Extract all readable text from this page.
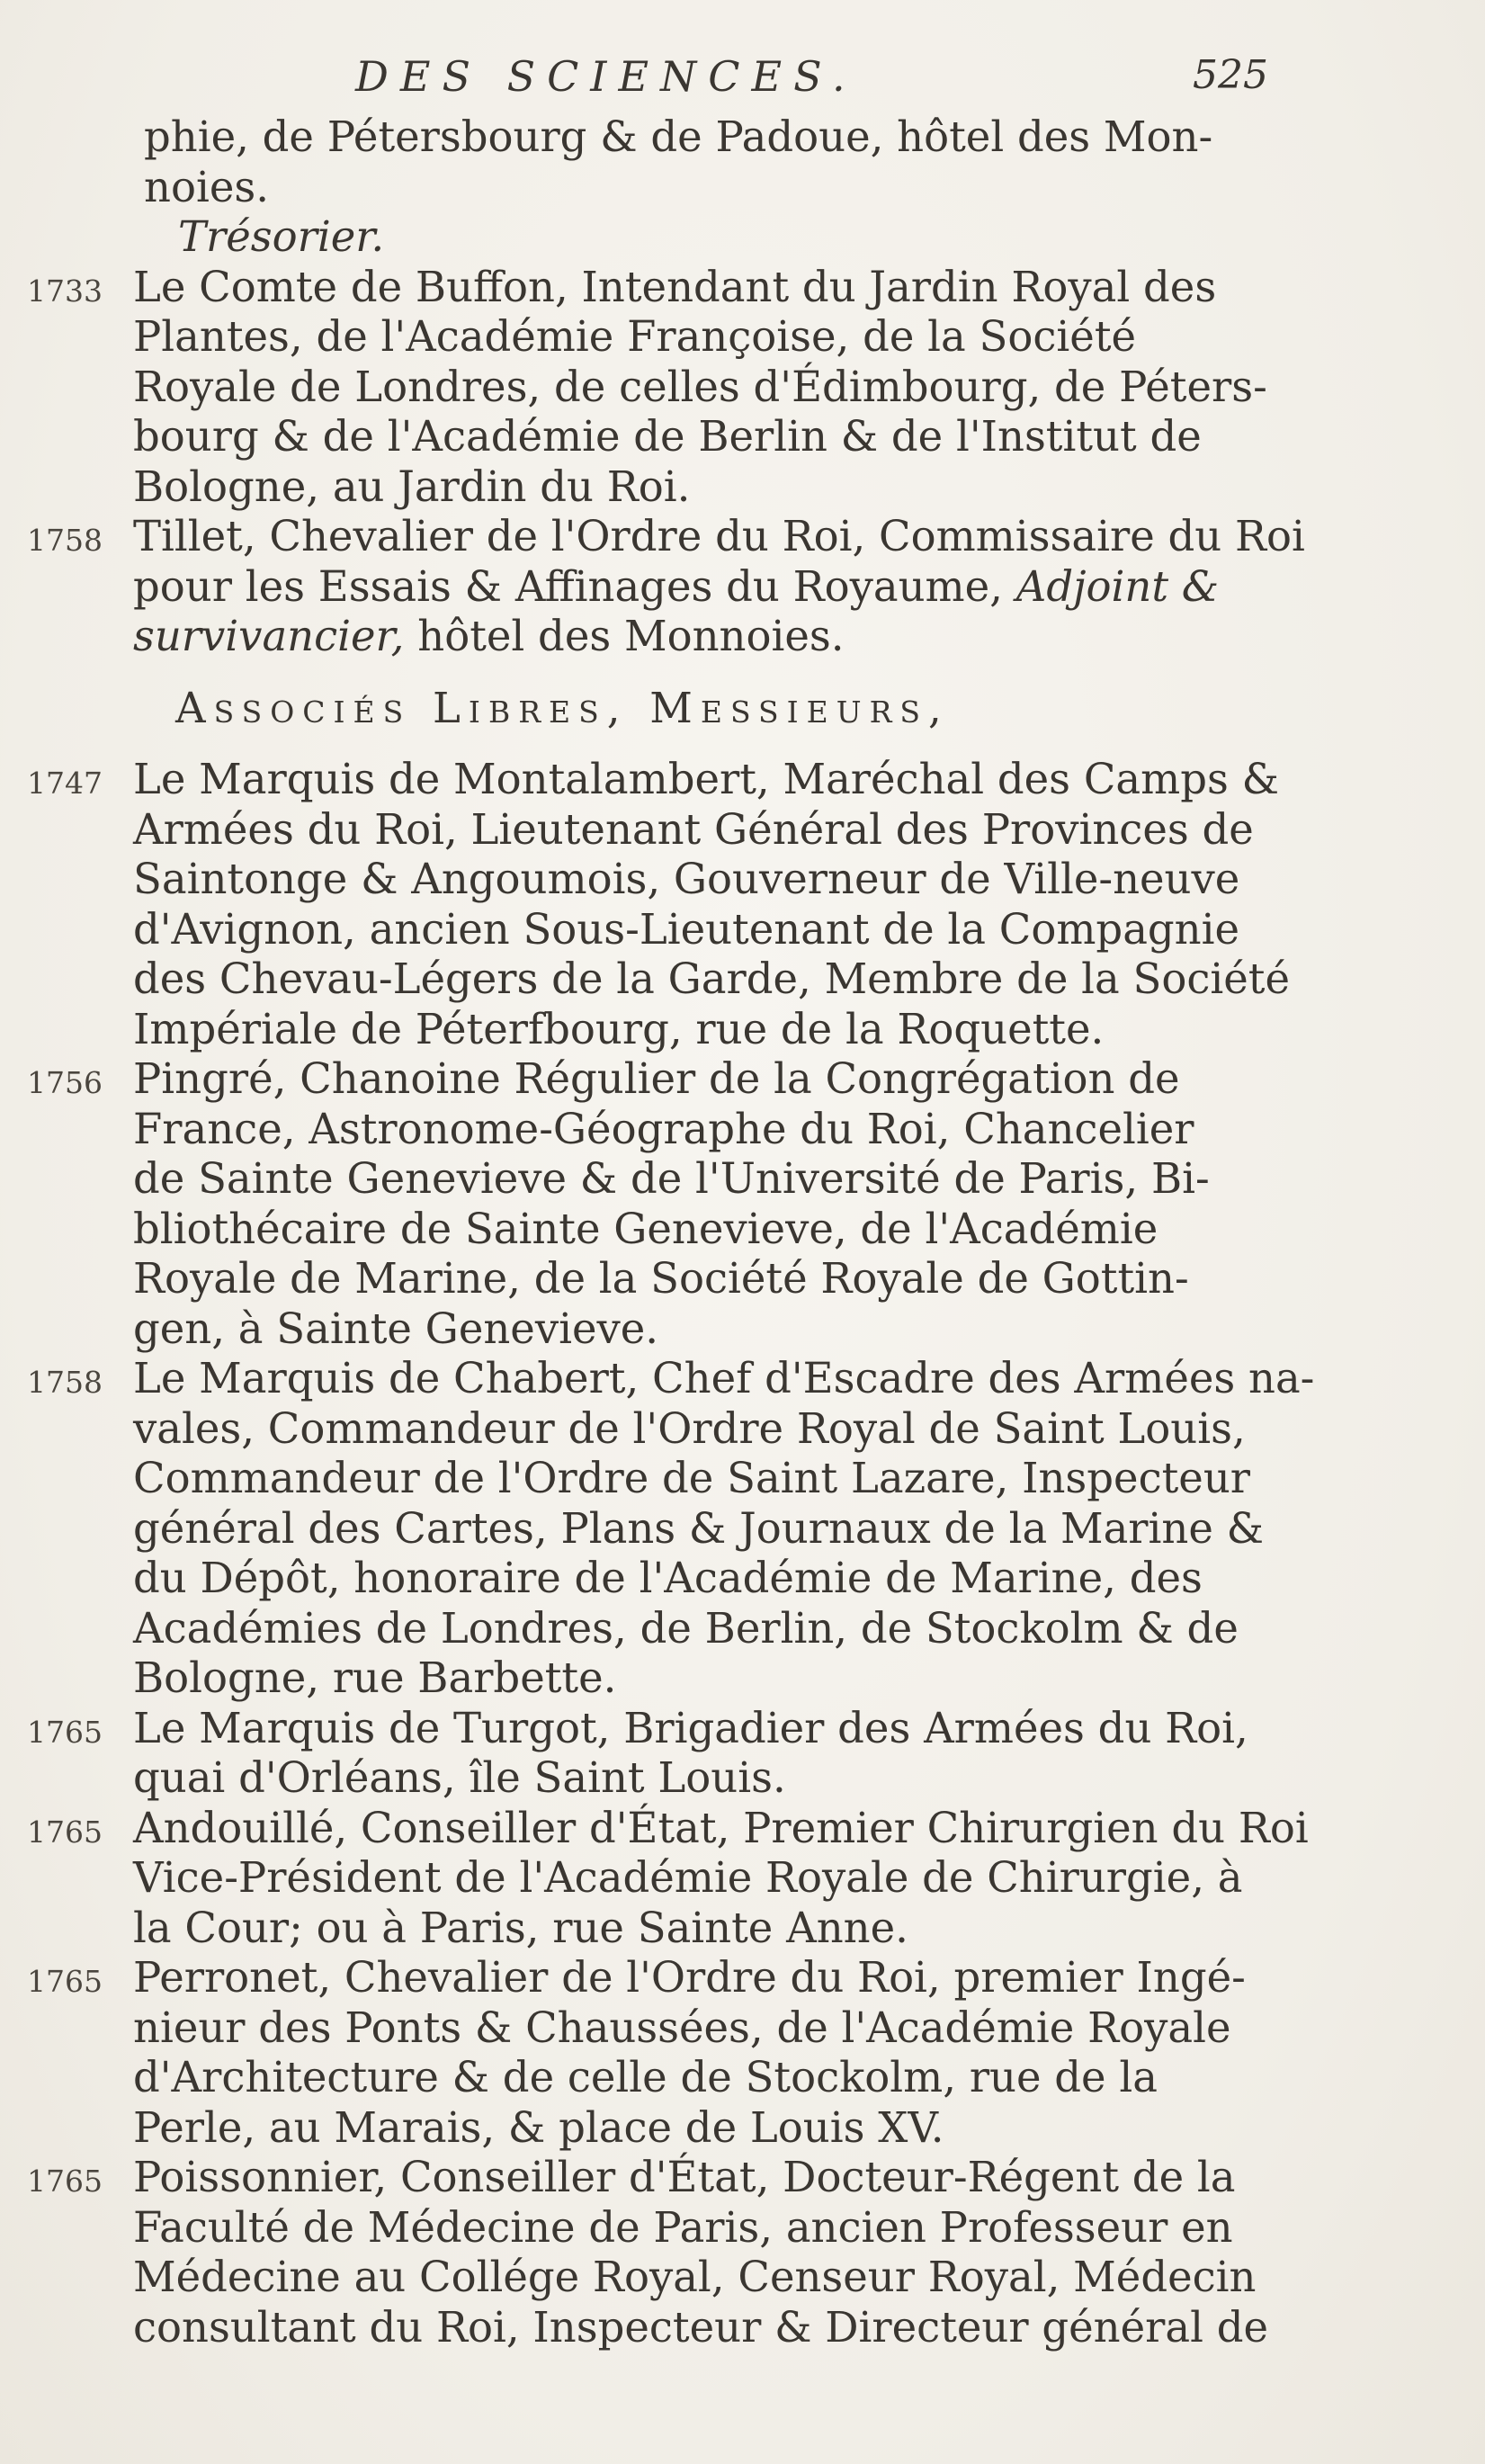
DES SCIENCES.	525
phie, de Pétersbourg & de Padoue, hôtel des Mon-
noies.
Trésorier.
1733 Le Comte de Buffon, Intendant du Jardin Royal des
Plantes, de l'Académie Françoise, de la Société
Royale de Londres, de celles d'Édimbourg, de Péters-
bourg & de l'Académie de Berlin & de l'Institut de
Bologne, au Jardin du Roi.
1758 Tillet, Chevalier de l'Ordre du Roi, Commissaire du Roi
pour les Essais & Affinages du Royaume, Adjoint &
survivancier, hôtel des Monnoies.
Associés Libres, Messieurs,
1747 Le Marquis de Montalambert, Maréchal des Camps &
Armées du Roi, Lieutenant Général des Provinces de
Saintonge & Angoumois, Gouverneur de Ville-neuve
d'Avignon, ancien Sous-Lieutenant de la Compagnie
des Chevau-Légers de la Garde, Membre de la Société
Impériale de Péterfbourg, rue de la Roquette.
1756 Pingré, Chanoine Régulier de la Congrégation de
France, Astronome-Géographe du Roi, Chancelier
de Sainte Genevieve & de l'Université de Paris, Bi-
bliothécaire de Sainte Genevieve, de l'Académie
Royale de Marine, de la Société Royale de Gottin-
gen, à Sainte Genevieve.
1758 Le Marquis de Chabert, Chef d'Escadre des Armées na-
vales, Commandeur de l'Ordre Royal de Saint Louis,
Commandeur de l'Ordre de Saint Lazare, Inspecteur
général des Cartes, Plans & Journaux de la Marine &
du Dépôt, honoraire de l'Académie de Marine, des
Académies de Londres, de Berlin, de Stockolm & de
Bologne, rue Barbette.
1765 Le Marquis de Turgot, Brigadier des Armées du Roi,
quai d'Orléans, île Saint Louis.
1765 Andouillé, Conseiller d'État, Premier Chirurgien du Roi
Vice-Président de l'Académie Royale de Chirurgie, à
la Cour; ou à Paris, rue Sainte Anne.
1765 Perronet, Chevalier de l'Ordre du Roi, premier Ingé-
nieur des Ponts & Chaussées, de l'Académie Royale
d'Architecture & de celle de Stockolm, rue de la
Perle, au Marais, & place de Louis XV.
1765 Poissonnier, Conseiller d'État, Docteur-Régent de la
Faculté de Médecine de Paris, ancien Professeur en
Médecine au Collége Royal, Censeur Royal, Médecin
consultant du Roi, Inspecteur & Directeur général de
